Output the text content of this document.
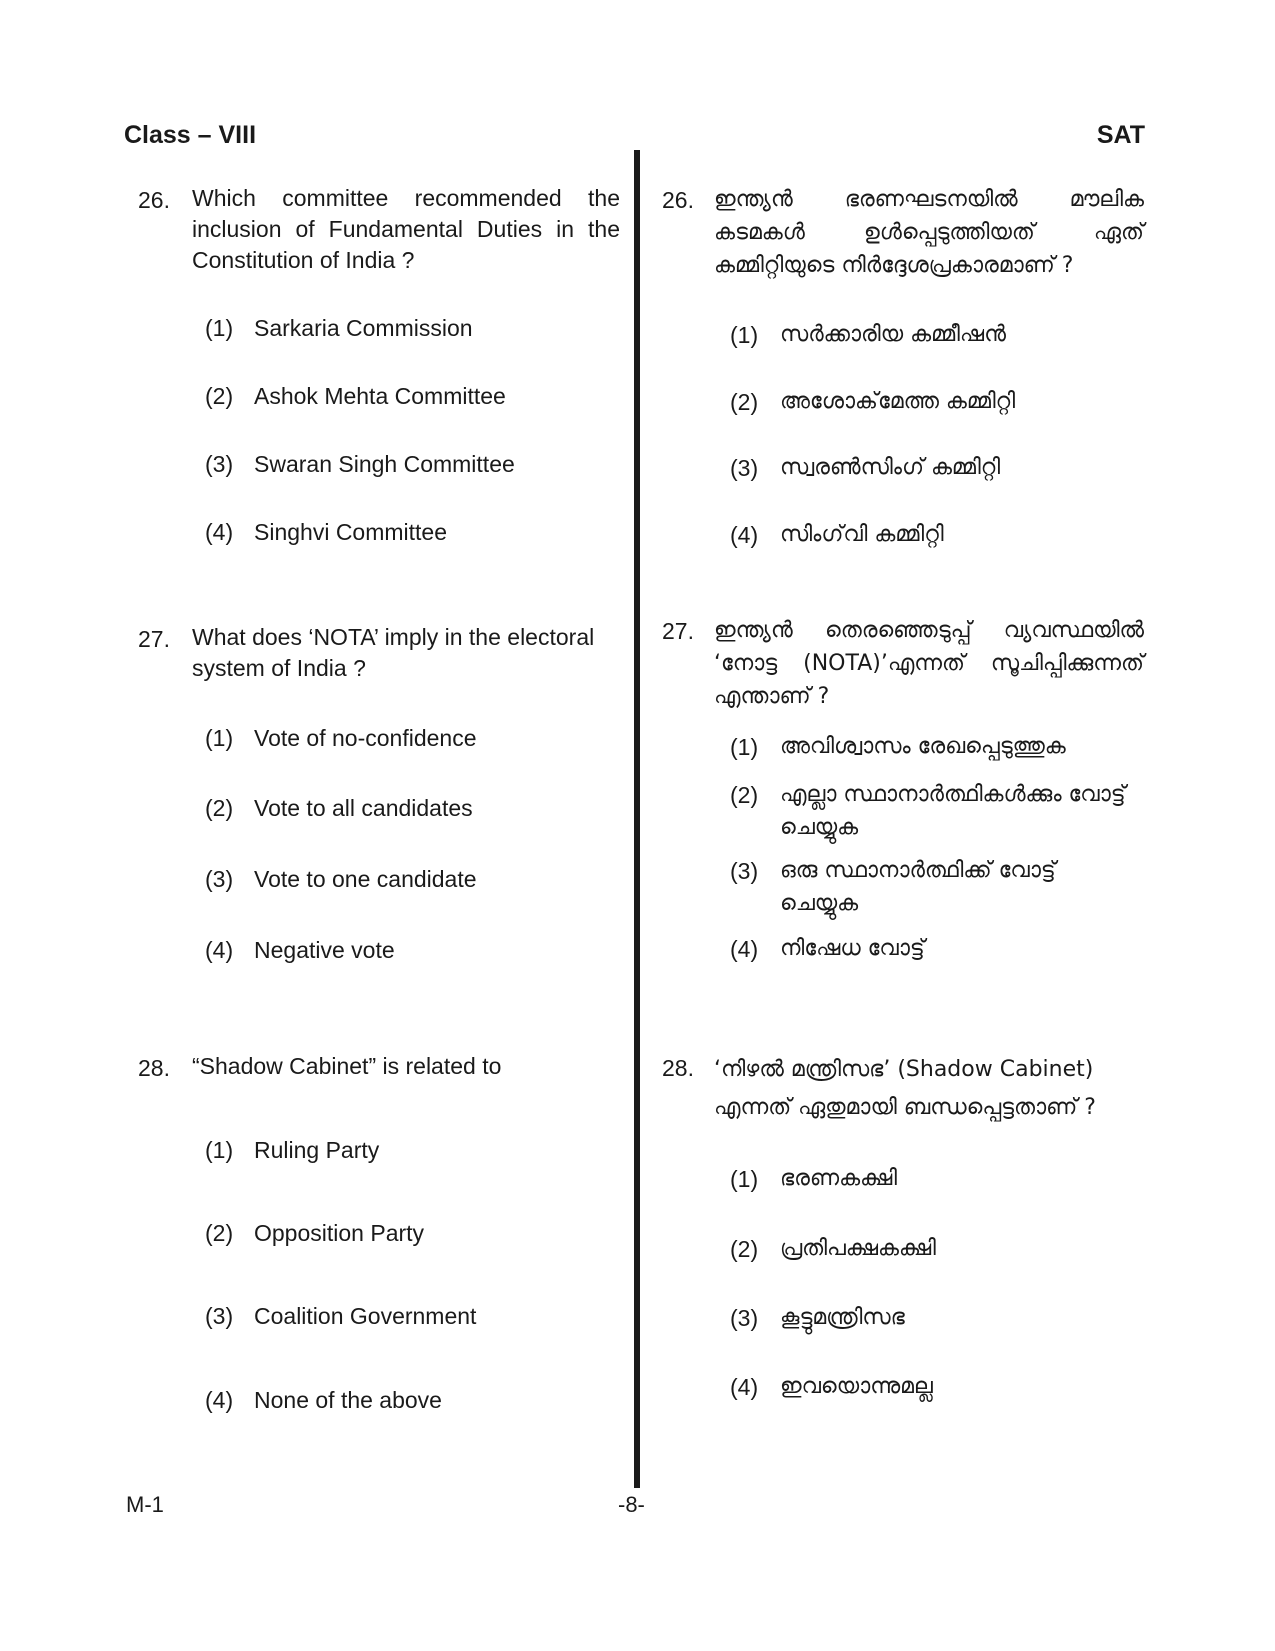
Class – VIII	SAT
26. Which committee recommended the inclusion of Fundamental Duties in the Constitution of India ?
(1) Sarkaria Commission
(2) Ashok Mehta Committee
(3) Swaran Singh Committee
(4) Singhvi Committee
27. What does ‘NOTA’ imply in the electoral system of India ?
(1) Vote of no-confidence
(2) Vote to all candidates
(3) Vote to one candidate
(4) Negative vote
28. “Shadow Cabinet” is related to
(1) Ruling Party
(2) Opposition Party
(3) Coalition Government
(4) None of the above
26. ഇന്ത്യൻ ഭരണഘടനയിൽ മൗലിക കടമകൾ ഉൾപ്പെടുത്തിയത് ഏത് കമ്മിറ്റിയുടെ നിർദ്ദേശപ്രകാരമാണ് ?
(1) സർക്കാരിയ കമ്മീഷൻ
(2) അശോക്‌മേത്ത കമ്മിറ്റി
(3) സ്വരൺസിംഗ് കമ്മിറ്റി
(4) സിംഗ്‌വി കമ്മിറ്റി
27. ഇന്ത്യൻ തെരഞ്ഞെടുപ്പ് വ്യവസ്ഥയിൽ ‘നോട്ട (NOTA)’എന്നത് സൂചിപ്പിക്കുന്നത് എന്താണ് ?
(1) അവിശ്വാസം രേഖപ്പെടുത്തുക
(2) എല്ലാ സ്ഥാനാർത്ഥികൾക്കും വോട്ട് ചെയ്യുക
(3) ഒരു സ്ഥാനാർത്ഥിക്ക് വോട്ട് ചെയ്യുക
(4) നിഷേധ വോട്ട്
28. ‘നിഴൽ മന്ത്രിസഭ’ (Shadow Cabinet) എന്നത് ഏതുമായി ബന്ധപ്പെട്ടതാണ് ?
(1) ഭരണകക്ഷി
(2) പ്രതിപക്ഷകക്ഷി
(3) കൂട്ടുമന്ത്രിസഭ
(4) ഇവയൊന്നുമല്ല
M-1	-8-
